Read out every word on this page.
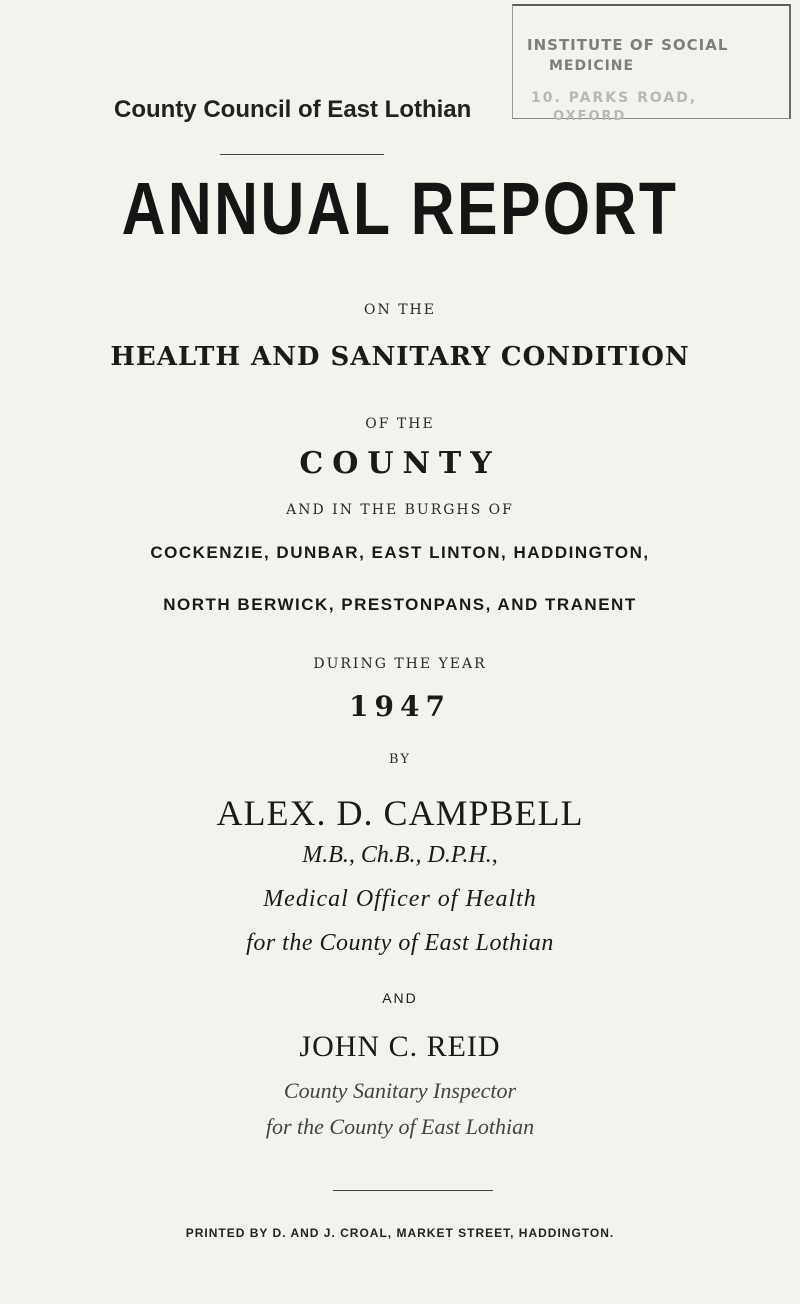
INSTITUTE OF SOCIAL
MEDICINE
10. PARKS ROAD,
OXFORD
County Council of East Lothian
ANNUAL REPORT
ON THE
HEALTH AND SANITARY CONDITION
OF THE
COUNTY
AND IN THE BURGHS OF
COCKENZIE, DUNBAR, EAST LINTON, HADDINGTON,
NORTH BERWICK, PRESTONPANS, AND TRANENT
DURING THE YEAR
1947
BY
ALEX. D. CAMPBELL
M.B., Ch.B., D.P.H.,
Medical Officer of Health
for the County of East Lothian
AND
JOHN C. REID
County Sanitary Inspector
for the County of East Lothian
PRINTED BY D. AND J. CROAL, MARKET STREET, HADDINGTON.
